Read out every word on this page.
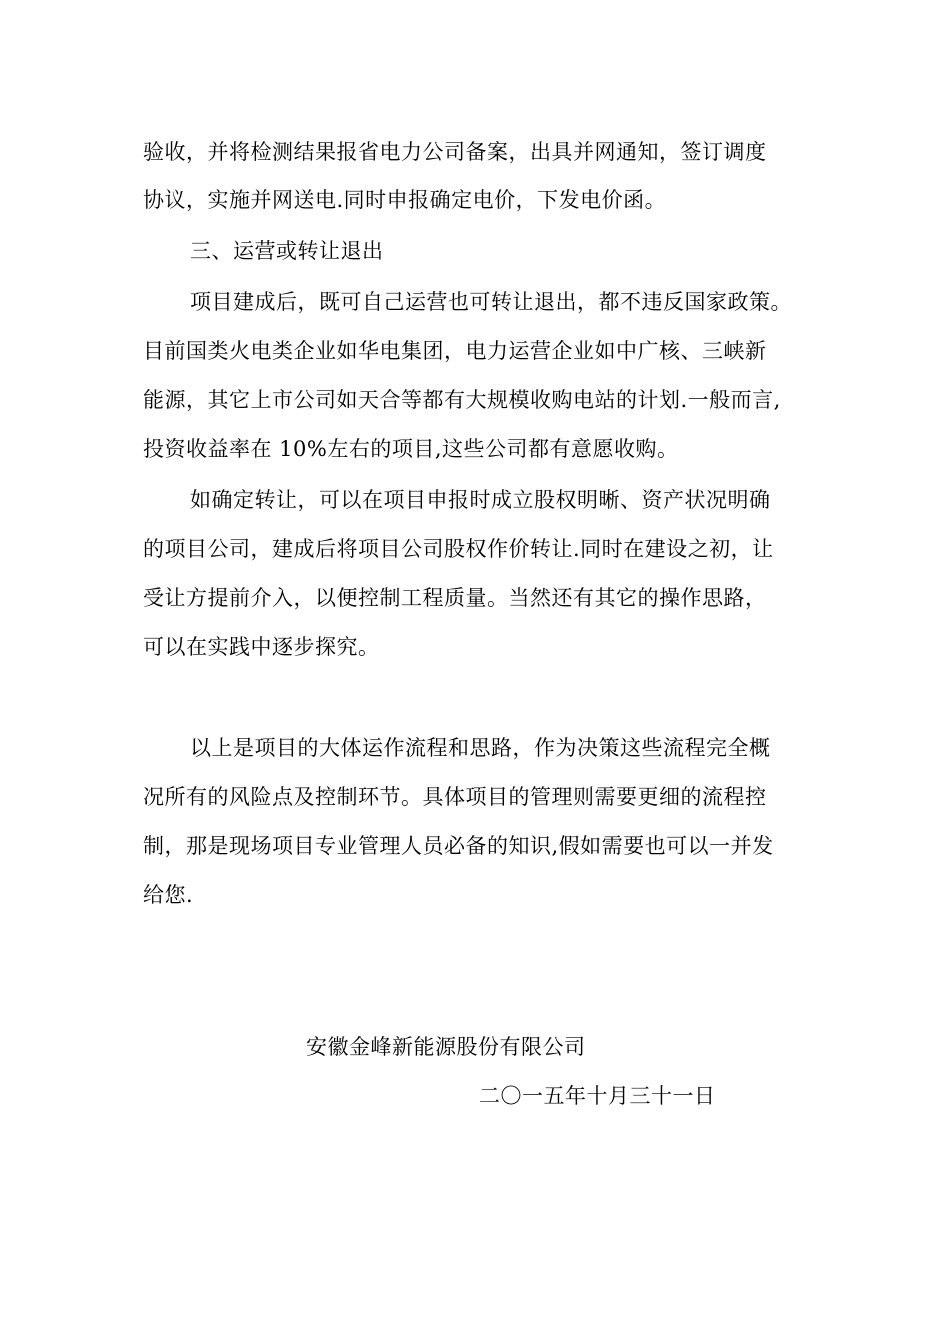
验收，并将检测结果报省电力公司备案，出具并网通知，签订调度
协议，实施并网送电.同时申报确定电价，下发电价函。
三、运营或转让退出
项目建成后，既可自己运营也可转让退出，都不违反国家政策。
目前国类火电类企业如华电集团，电力运营企业如中广核、三峡新
能源，其它上市公司如天合等都有大规模收购电站的计划.一般而言,
投资收益率在 10%左右的项目,这些公司都有意愿收购。
如确定转让，可以在项目申报时成立股权明晰、资产状况明确
的项目公司，建成后将项目公司股权作价转让.同时在建设之初，让
受让方提前介入，以便控制工程质量。当然还有其它的操作思路，
可以在实践中逐步探究。
以上是项目的大体运作流程和思路，作为决策这些流程完全概
况所有的风险点及控制环节。具体项目的管理则需要更细的流程控
制，那是现场项目专业管理人员必备的知识,假如需要也可以一并发
给您.
安徽金峰新能源股份有限公司
二〇一五年十月三十一日
